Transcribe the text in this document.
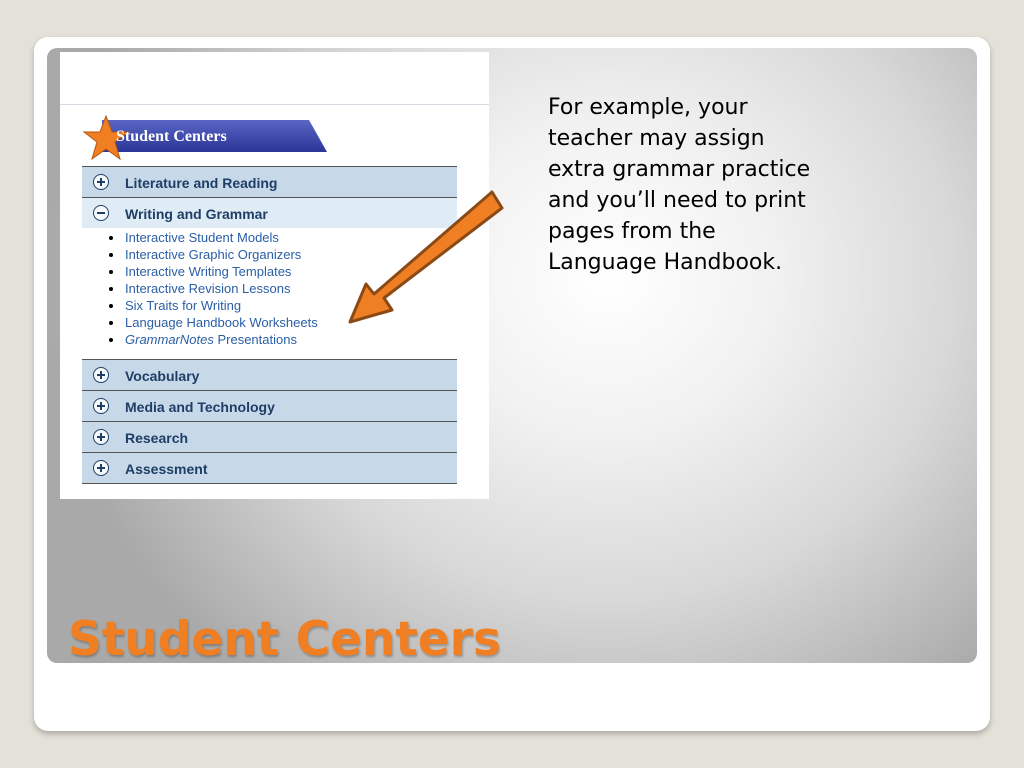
Student Centers
Literature and Reading
Writing and Grammar
Interactive Student Models
Interactive Graphic Organizers
Interactive Writing Templates
Interactive Revision Lessons
Six Traits for Writing
Language Handbook Worksheets
GrammarNotes Presentations
Vocabulary
Media and Technology
Research
Assessment
For example, your teacher may assign extra grammar practice and you’ll need to print pages from the Language Handbook.
Student Centers
